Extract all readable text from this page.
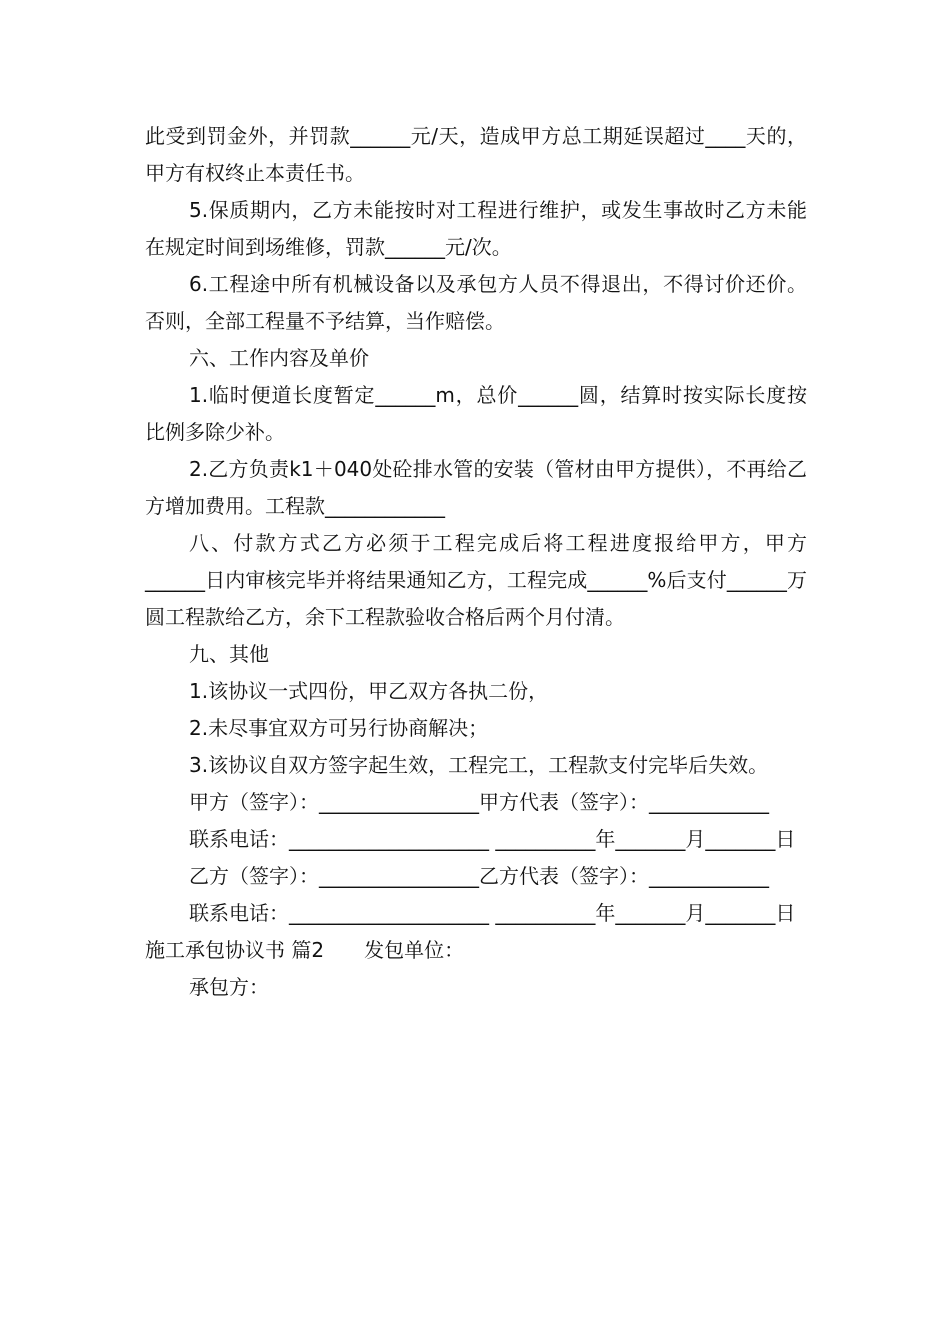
此受到罚金外，并罚款______元/天，造成甲方总工期延误超过____天的，甲方有权终止本责任书。

5.保质期内，乙方未能按时对工程进行维护，或发生事故时乙方未能在规定时间到场维修，罚款______元/次。

6.工程途中所有机械设备以及承包方人员不得退出，不得讨价还价。否则，全部工程量不予结算，当作赔偿。

六、工作内容及单价

1.临时便道长度暂定______m，总价______圆，结算时按实际长度按比例多除少补。

2.乙方负责k1＋040处砼排水管的安装（管材由甲方提供），不再给乙方增加费用。工程款____________

八、付款方式乙方必须于工程完成后将工程进度报给甲方，甲方______日内审核完毕并将结果通知乙方，工程完成______%后支付______万圆工程款给乙方，余下工程款验收合格后两个月付清。

九、其他

1.该协议一式四份，甲乙双方各执二份，

2.未尽事宜双方可另行协商解决；

3.该协议自双方签字起生效，工程完工，工程款支付完毕后失效。

甲方（签字）：________________甲方代表（签字）：____________

联系电话：____________________ __________年_______月_______日

乙方（签字）：________________乙方代表（签字）：____________

联系电话：____________________ __________年_______月_______日

施工承包协议书 篇2　　发包单位：

承包方：
